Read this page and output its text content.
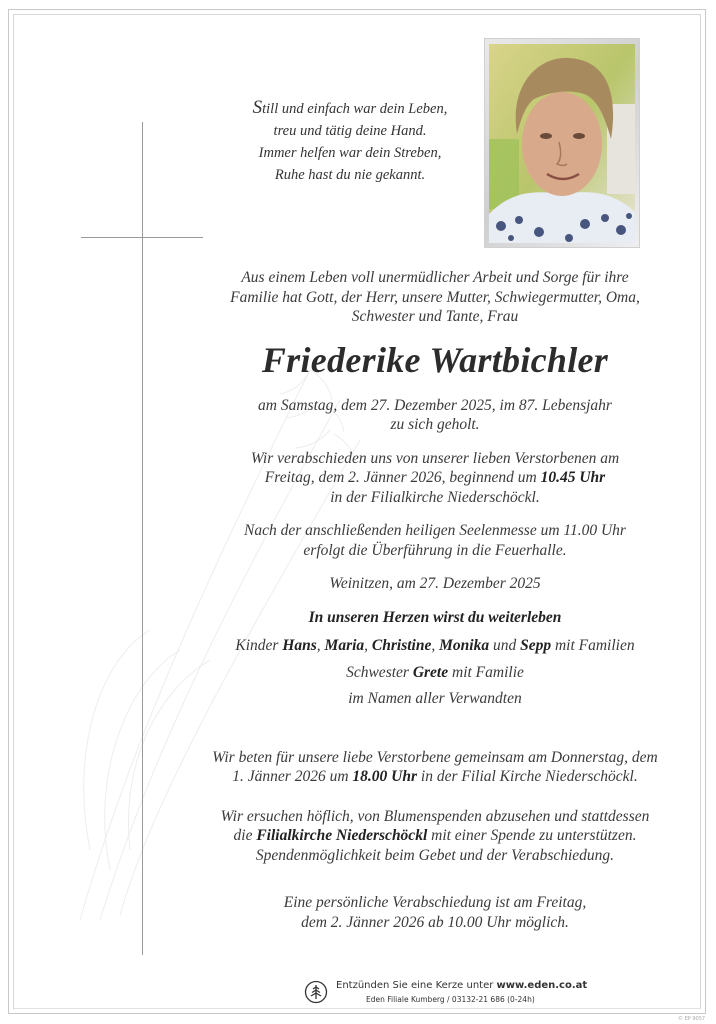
Still und einfach war dein Leben,
treu und tätig deine Hand.
Immer helfen war dein Streben,
Ruhe hast du nie gekannt.

Aus einem Leben voll unermüdlicher Arbeit und Sorge für ihre

Familie hat Gott, der Herr, unsere Mutter, Schwiegermutter, Oma,

Schwester und Tante, Frau

Friederike Wartbichler

am Samstag, dem 27. Dezember 2025, im 87. Lebensjahr

zu sich geholt.

Wir verabschieden uns von unserer lieben Verstorbenen am

Freitag, dem 2. Jänner 2026, beginnend um 10.45 Uhr

in der Filialkirche Niederschöckl.

Nach der anschließenden heiligen Seelenmesse um 11.00 Uhr

erfolgt die Überführung in die Feuerhalle.

Weinitzen, am 27. Dezember 2025

In unseren Herzen wirst du weiterleben

Kinder Hans, Maria, Christine, Monika und Sepp mit Familien

Schwester Grete mit Familie

im Namen aller Verwandten

Wir beten für unsere liebe Verstorbene gemeinsam am Donnerstag, dem

1. Jänner 2026 um 18.00 Uhr in der Filial Kirche Niederschöckl.

Wir ersuchen höflich, von Blumenspenden abzusehen und stattdessen

die Filialkirche Niederschöckl mit einer Spende zu unterstützen.

Spendenmöglichkeit beim Gebet und der Verabschiedung.

Eine persönliche Verabschiedung ist am Freitag,

dem 2. Jänner 2026 ab 10.00 Uhr möglich.

Entzünden Sie eine Kerze unter www.eden.co.at
Eden Filiale Kumberg / 03132-21 686 (0-24h)
© EP 9057
